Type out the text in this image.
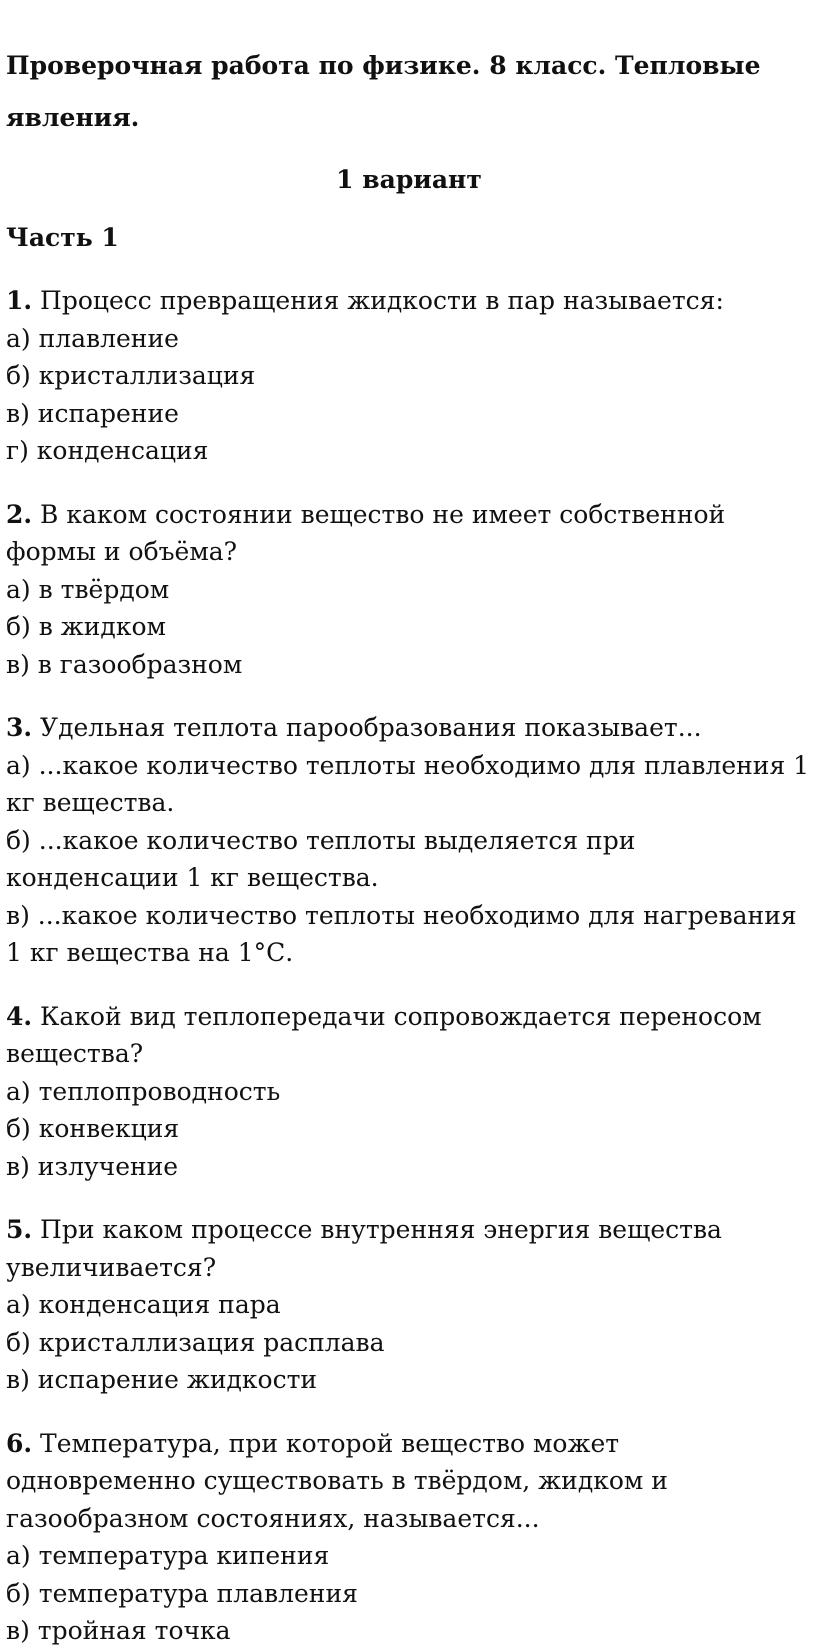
Проверочная работа по физике. 8 класс. Тепловые явления.
1 вариант
Часть 1

1. Процесс превращения жидкости в пар называется:

а) плавление

б) кристаллизация

в) испарение

г) конденсация

2. В каком состоянии вещество не имеет собственной формы и объёма?

а) в твёрдом

б) в жидком

в) в газообразном

3. Удельная теплота парообразования показывает...

а) ...какое количество теплоты необходимо для плавления 1 кг вещества.

б) ...какое количество теплоты выделяется при конденсации 1 кг вещества.

в) ...какое количество теплоты необходимо для нагревания 1 кг вещества на 1°С.

4. Какой вид теплопередачи сопровождается переносом вещества?

а) теплопроводность

б) конвекция

в) излучение

5. При каком процессе внутренняя энергия вещества увеличивается?

а) конденсация пара

б) кристаллизация расплава

в) испарение жидкости

6. Температура, при которой вещество может одновременно существовать в твёрдом, жидком и газообразном состояниях, называется...

а) температура кипения

б) температура плавления

в) тройная точка
